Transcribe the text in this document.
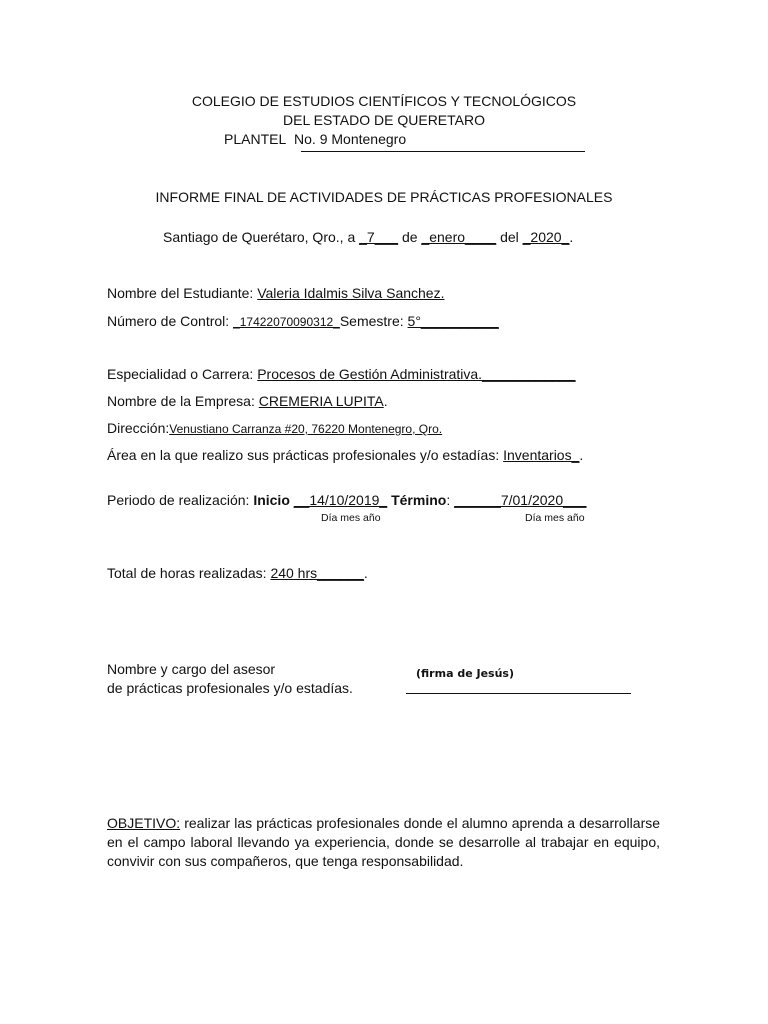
COLEGIO DE ESTUDIOS CIENTÍFICOS Y TECNOLÓGICOS
DEL ESTADO DE QUERETARO
PLANTEL No. 9 Montenegro
INFORME FINAL DE ACTIVIDADES DE PRÁCTICAS PROFESIONALES
Santiago de Querétaro, Qro., a _7___ de _enero____ del _2020_.
Nombre del Estudiante: Valeria Idalmis Silva Sanchez.
Número de Control: _17422070090312_Semestre: 5°__________
Especialidad o Carrera: Procesos de Gestión Administrativa.____________
Nombre de la Empresa: CREMERIA LUPITA.
Dirección:Venustiano Carranza #20, 76220 Montenegro, Qro.
Área en la que realizo sus prácticas profesionales y/o estadías: Inventarios_.
Periodo de realización: Inicio __14/10/2019_ Término: ______7/01/2020___
Día mes año	Día mes año
Total de horas realizadas: 240 hrs______.
Nombre y cargo del asesor
de prácticas profesionales y/o estadías.
(firma de Jesús)
OBJETIVO: realizar las prácticas profesionales donde el alumno aprenda a desarrollarse en el campo laboral llevando ya experiencia, donde se desarrolle al trabajar en equipo, convivir con sus compañeros, que tenga responsabilidad.
